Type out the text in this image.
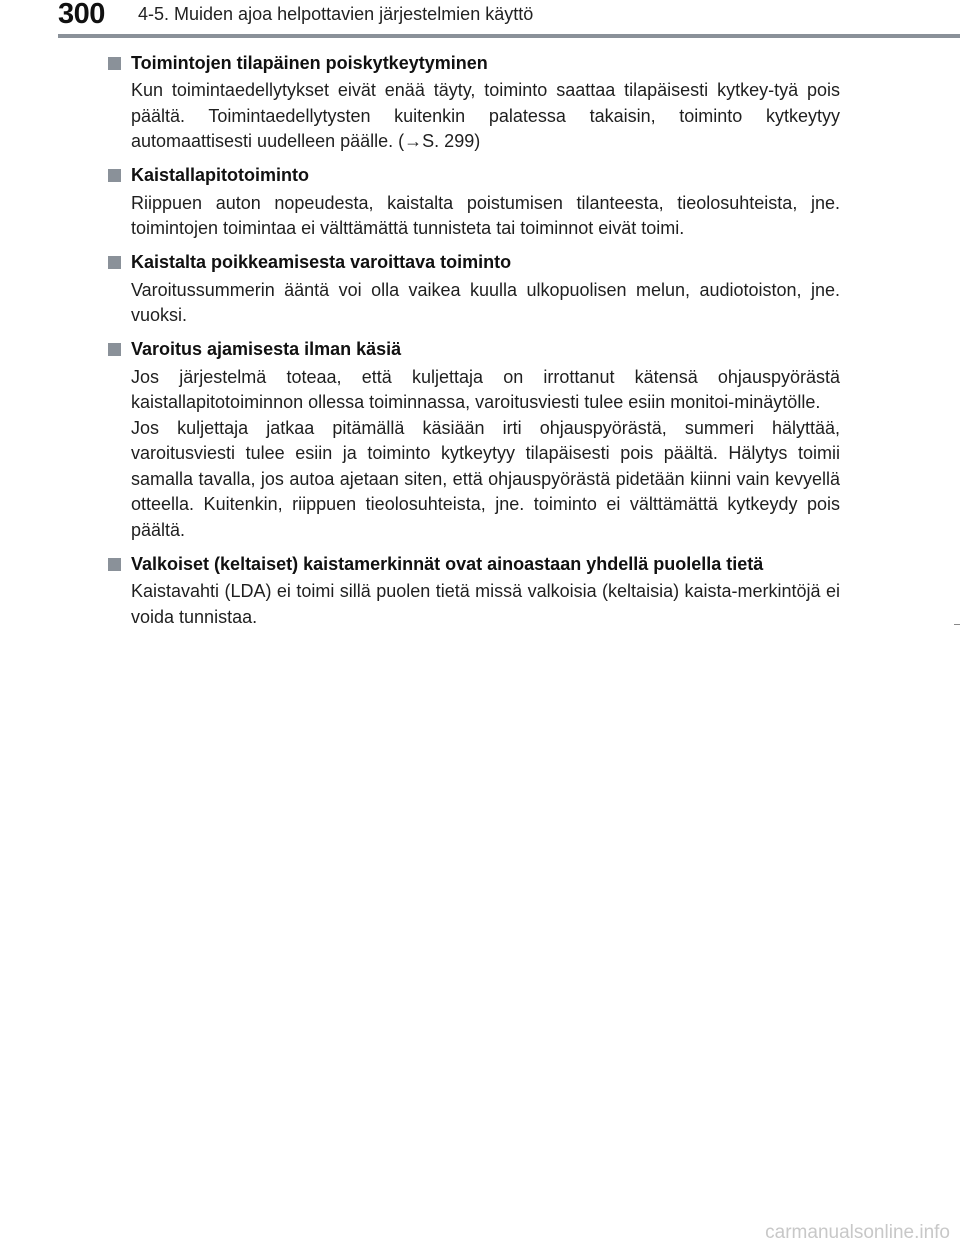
300 4-5. Muiden ajoa helpottavien järjestelmien käyttö
Toimintojen tilapäinen poiskytkeytyminen

Kun toimintaedellytykset eivät enää täyty, toiminto saattaa tilapäisesti kytkey-tyä pois päältä. Toimintaedellytysten kuitenkin palatessa takaisin, toiminto kytkeytyy automaattisesti uudelleen päälle. (→S. 299)

Kaistallapitotoiminto

Riippuen auton nopeudesta, kaistalta poistumisen tilanteesta, tieolosuhteista, jne. toimintojen toimintaa ei välttämättä tunnisteta tai toiminnot eivät toimi.

Kaistalta poikkeamisesta varoittava toiminto

Varoitussummerin ääntä voi olla vaikea kuulla ulkopuolisen melun, audiotoiston, jne. vuoksi.

Varoitus ajamisesta ilman käsiä

Jos järjestelmä toteaa, että kuljettaja on irrottanut kätensä ohjauspyörästä kaistallapitotoiminnon ollessa toiminnassa, varoitusviesti tulee esiin monitoi-minäytölle.

Jos kuljettaja jatkaa pitämällä käsiään irti ohjauspyörästä, summeri hälyttää, varoitusviesti tulee esiin ja toiminto kytkeytyy tilapäisesti pois päältä. Hälytys toimii samalla tavalla, jos autoa ajetaan siten, että ohjauspyörästä pidetään kiinni vain kevyellä otteella. Kuitenkin, riippuen tieolosuhteista, jne. toiminto ei välttämättä kytkeydy pois päältä.

Valkoiset (keltaiset) kaistamerkinnät ovat ainoastaan yhdellä puolella tietä

Kaistavahti (LDA) ei toimi sillä puolen tietä missä valkoisia (keltaisia) kaista-merkintöjä ei voida tunnistaa.

carmanualsonline.info
